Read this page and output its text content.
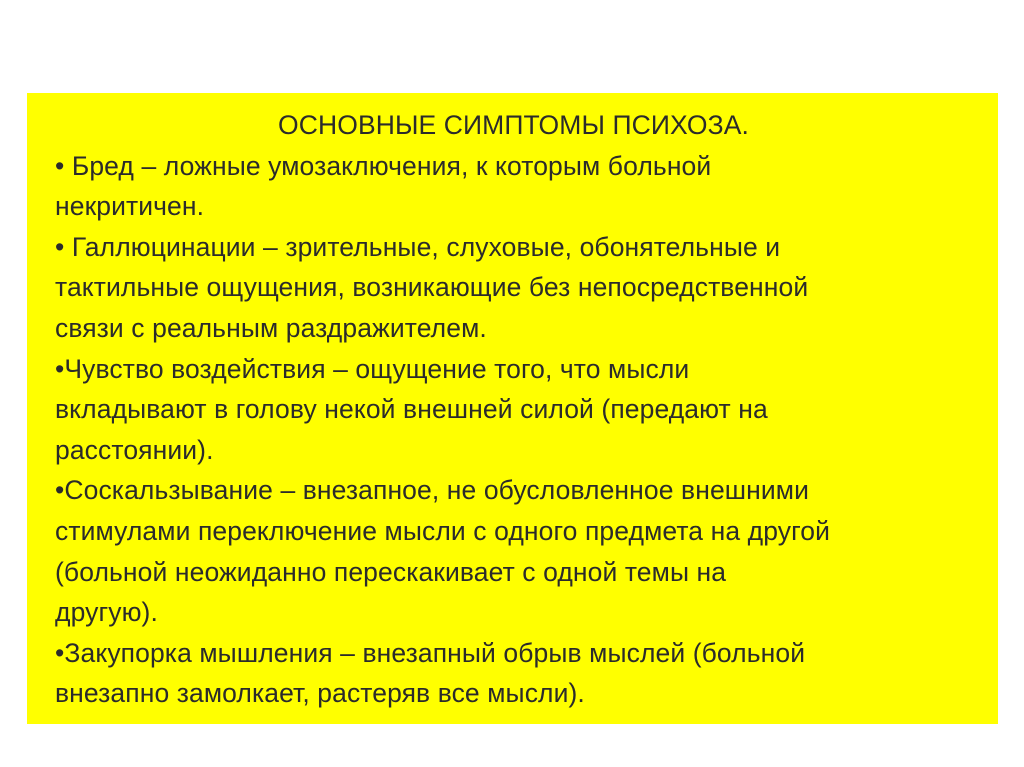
ОСНОВНЫЕ СИМПТОМЫ ПСИХОЗА.
• Бред – ложные умозаключения, к которым больной
некритичен.
• Галлюцинации – зрительные, слуховые, обонятельные и
тактильные ощущения, возникающие без непосредственной
связи с реальным раздражителем.
•Чувство воздействия – ощущение того, что мысли
вкладывают в голову некой внешней силой (передают на
расстоянии).
•Соскальзывание – внезапное, не обусловленное внешними
стимулами переключение мысли с одного предмета на другой
(больной неожиданно перескакивает с одной темы на
другую).
•Закупорка мышления – внезапный обрыв мыслей (больной
внезапно замолкает, растеряв все мысли).
